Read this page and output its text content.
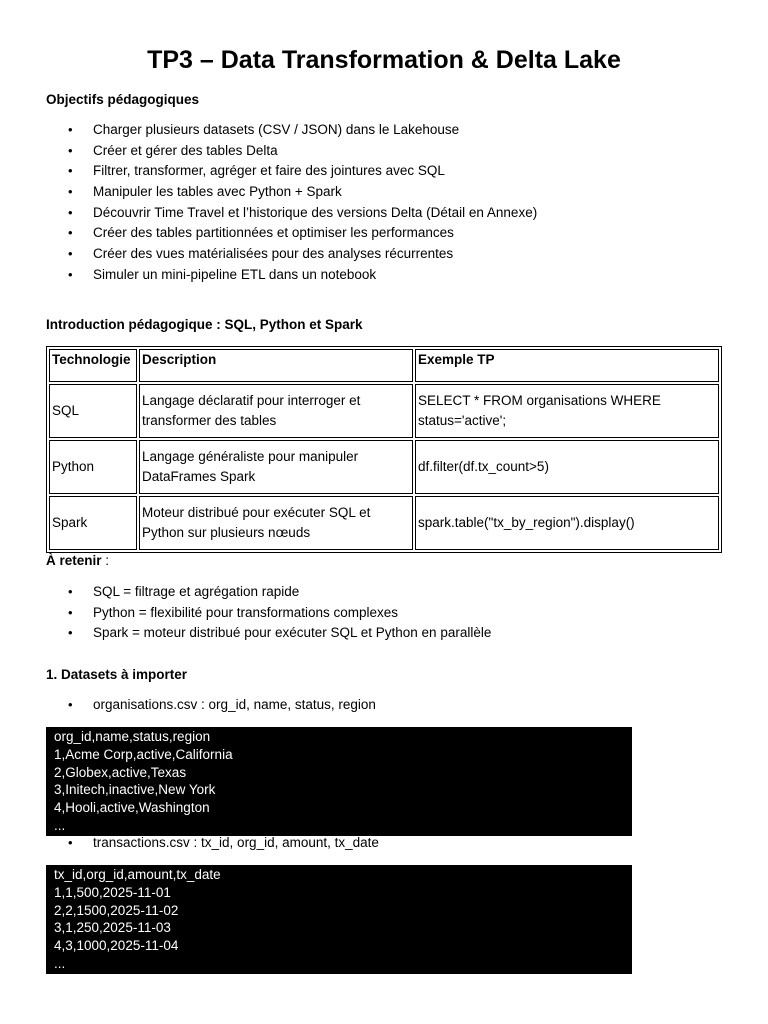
TP3 – Data Transformation & Delta Lake

Objectifs pédagogiques

• Charger plusieurs datasets (CSV / JSON) dans le Lakehouse
• Créer et gérer des tables Delta
• Filtrer, transformer, agréger et faire des jointures avec SQL
• Manipuler les tables avec Python + Spark
• Découvrir Time Travel et l’historique des versions Delta (Détail en Annexe)
• Créer des tables partitionnées et optimiser les performances
• Créer des vues matérialisées pour des analyses récurrentes
• Simuler un mini-pipeline ETL dans un notebook

Introduction pédagogique : SQL, Python et Spark

Technologie	Description	Exemple TP
SQL	Langage déclaratif pour interroger et transformer des tables	SELECT * FROM organisations WHERE status='active';
Python	Langage généraliste pour manipuler DataFrames Spark	df.filter(df.tx_count>5)
Spark	Moteur distribué pour exécuter SQL et Python sur plusieurs nœuds	spark.table("tx_by_region").display()

À retenir :

• SQL = filtrage et agrégation rapide
• Python = flexibilité pour transformations complexes
• Spark = moteur distribué pour exécuter SQL et Python en parallèle

1. Datasets à importer

• organisations.csv : org_id, name, status, region
org_id,name,status,region
1,Acme Corp,active,California
2,Globex,active,Texas
3,Initech,inactive,New York
4,Hooli,active,Washington
...
• transactions.csv : tx_id, org_id, amount, tx_date
tx_id,org_id,amount,tx_date
1,1,500,2025-11-01
2,2,1500,2025-11-02
3,1,250,2025-11-03
4,3,1000,2025-11-04
...
